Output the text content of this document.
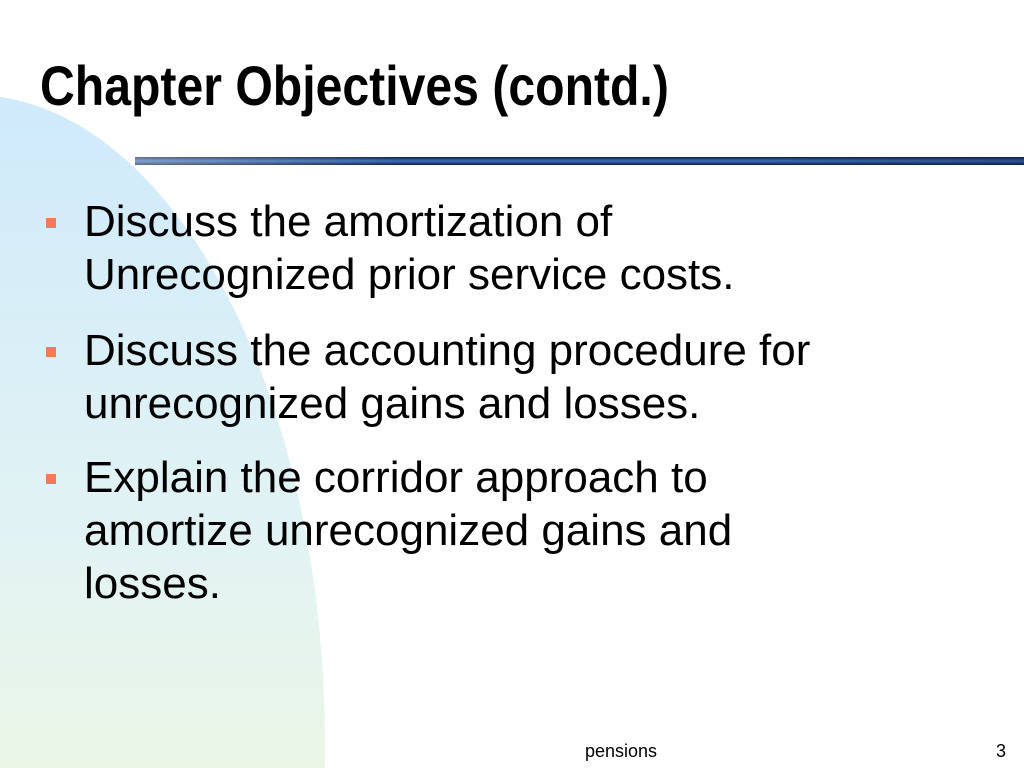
Chapter Objectives (contd.)
Discuss the amortization of
Unrecognized prior service costs.
Discuss the accounting procedure for
unrecognized gains and losses.
Explain the corridor approach to
amortize unrecognized gains and
losses.
pensions	3
